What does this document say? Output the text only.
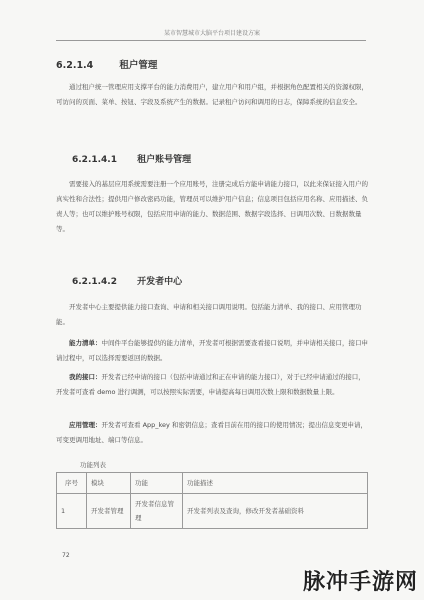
某市智慧城市大脑平台项目建设方案
6.2.1.4	租户管理
通过租户统一管理应用支撑平台的能力消费用户，建立用户和用户组，并根据角色配置相关的资源权限，可访问的页面、菜单、按钮、字段及系统产生的数据。记录租户访问和调用的日志，保障系统的信息安全。
6.2.1.4.1 租户账号管理
需要接入的基层应用系统需要注册一个应用账号，注册完成后方能申请能力接口，以此来保证接入用户的真实性和合法性；提供用户修改密码功能，管理员可以维护用户信息；信息项目包括应用名称、应用描述、负责人等；也可以维护账号权限，包括应用申请的能力、数据范围、数据字段选择、日调用次数、日数据数量等。
6.2.1.4.2 开发者中心
开发者中心主要提供能力接口查询、申请和相关接口调用说明。包括能力清单、我的接口、应用管理功能。
能力清单：中间件平台能够提供的能力清单，开发者可根据需要查看接口说明，并申请相关接口，接口申请过程中，可以选择需要返回的数据。
我的接口：开发者已经申请的接口（包括申请通过和正在申请的能力接口），对于已经申请通过的接口，开发者可查看 demo 进行调测，可以按照实际需要，申请提高每日调用次数上限和数据数量上限。
应用管理：开发者可查看 App_key 和密钥信息；查看目前在用的接口的使用情况；提出信息变更申请，可变更调用地址、端口等信息。
功能列表
序号	模块	功能	功能描述
1	开发者管理	开发者信息管理	开发者列表及查询，修改开发者基础资料
72
脉冲手游网
